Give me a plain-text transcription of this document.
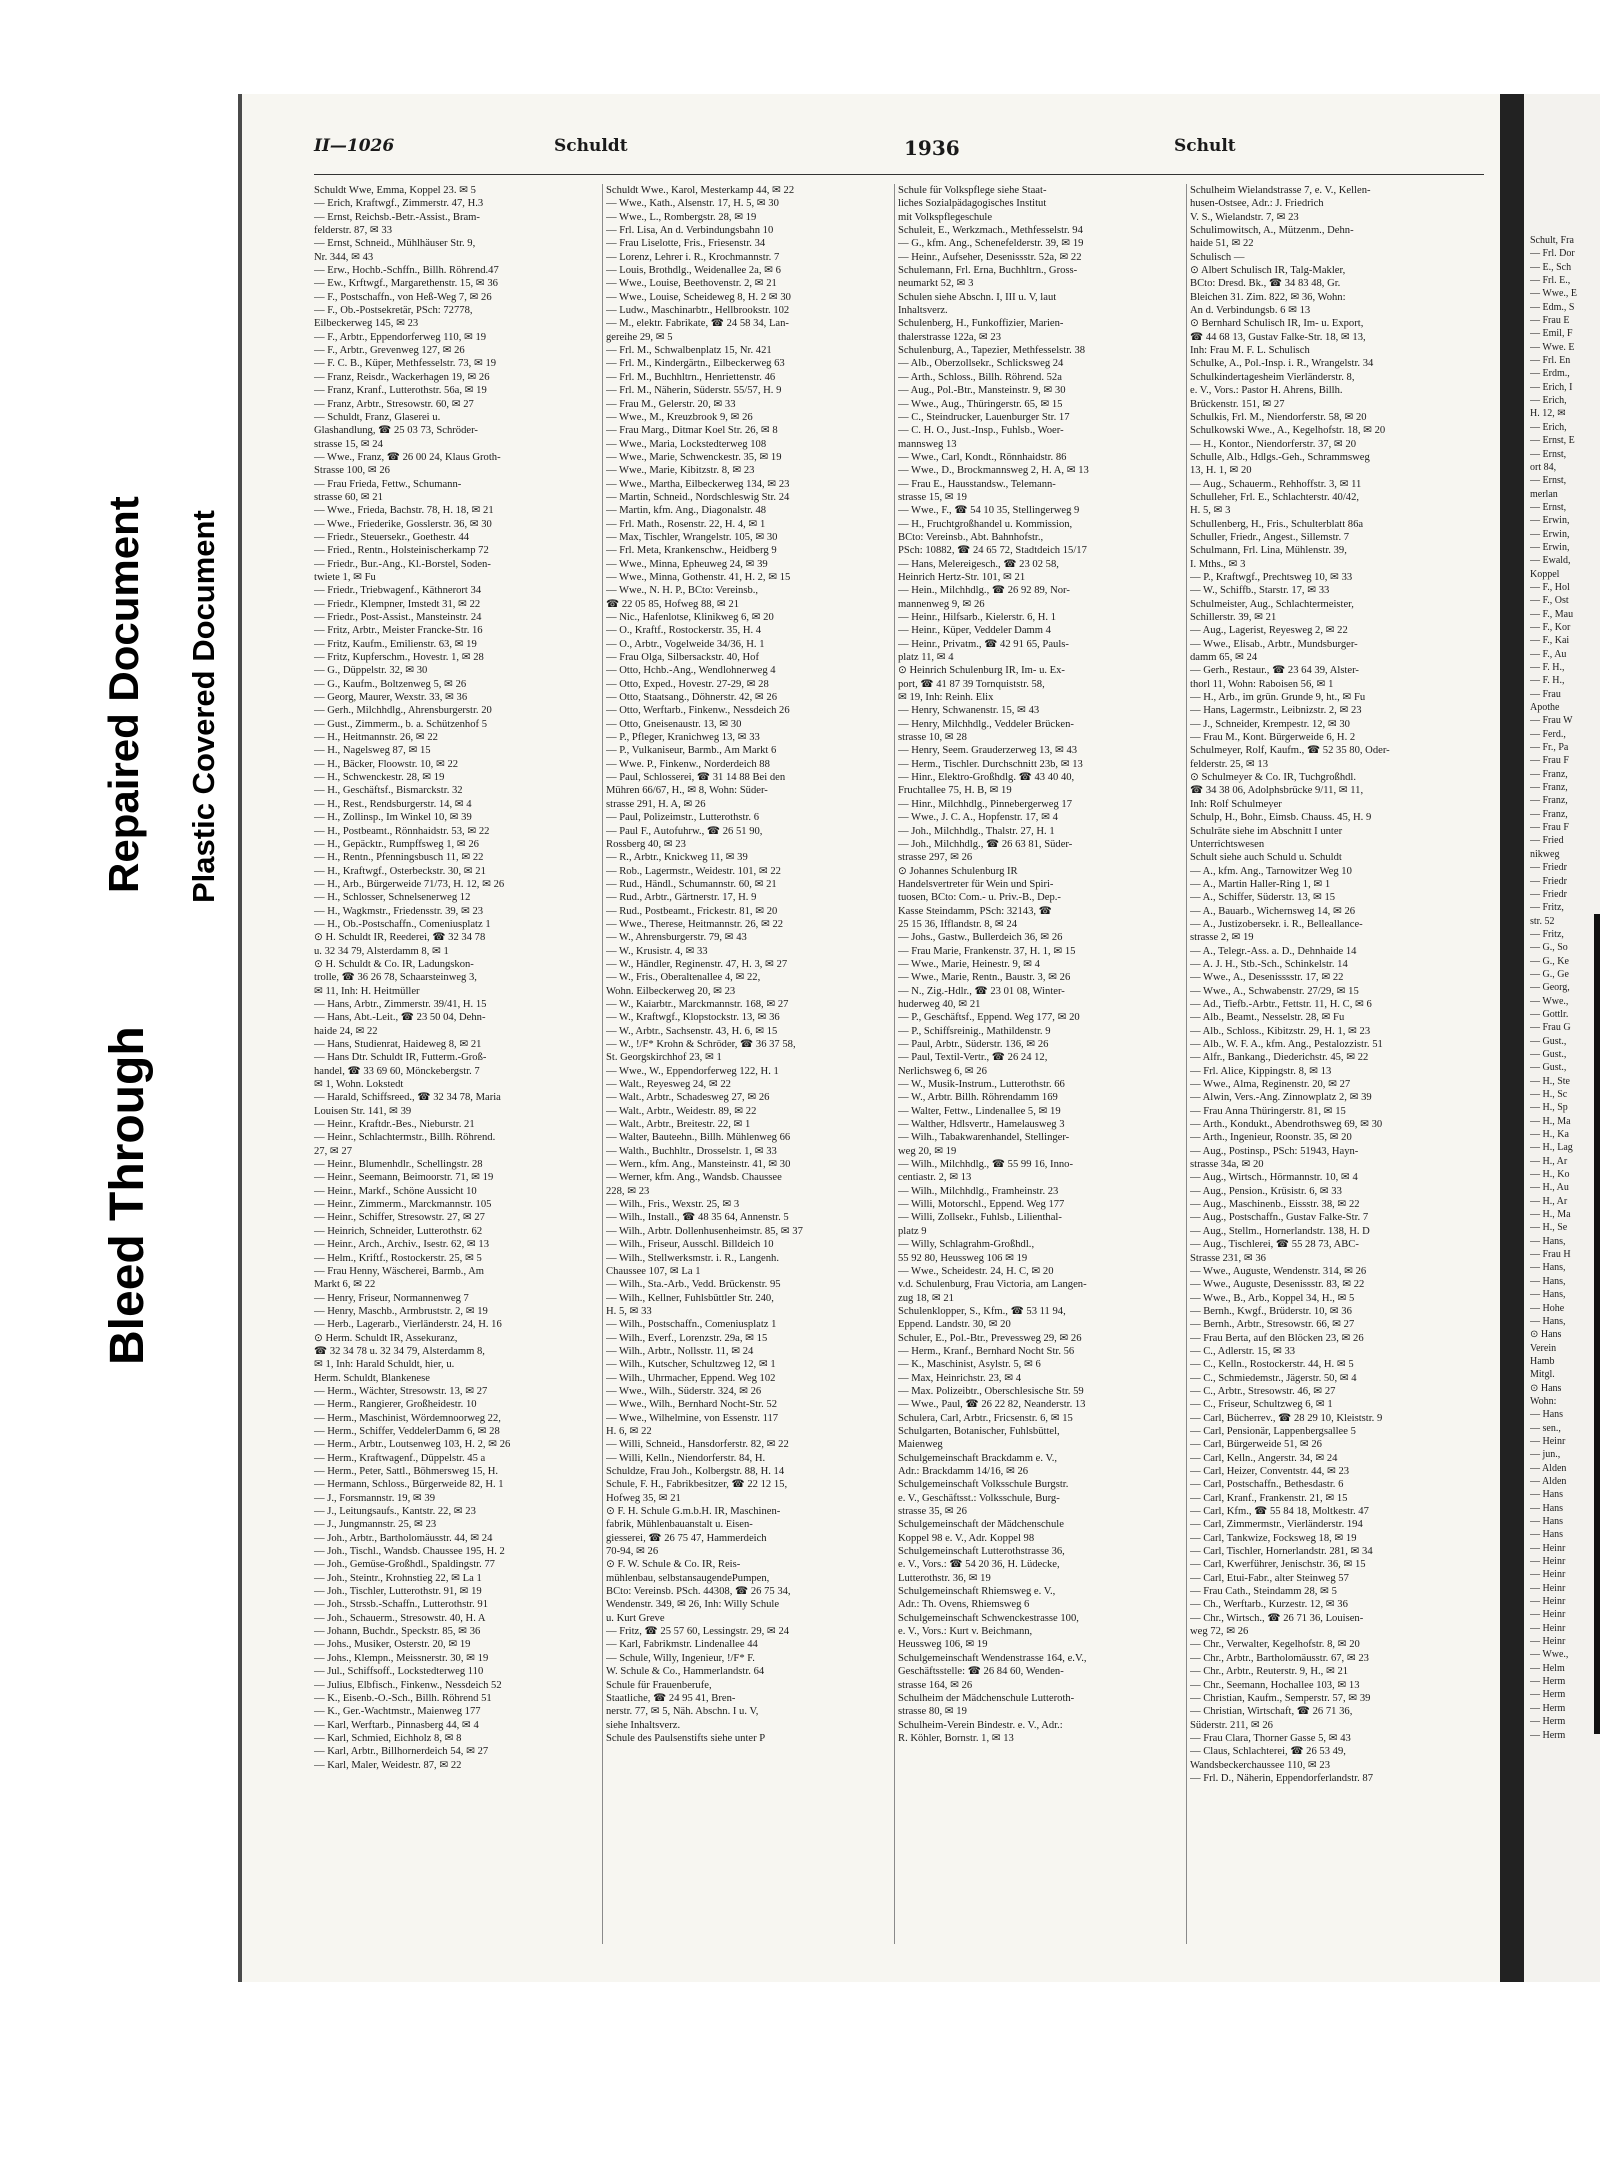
Bleed Through
Repaired Document Plastic Covered Document
II—1026	Schuldt	1936	Schult
Schuldt Wwe, Emma, Koppel 23. ✉ 5
— Erich, Kraftwgf., Zimmerstr. 47, H.3
— Ernst, Reichsb.-Betr.-Assist., Bram-
felderstr. 87, ✉ 33
— Ernst, Schneid., Mühlhäuser Str. 9,
Nr. 344, ✉ 43
— Erw., Hochb.-Schffn., Billh. Röhrend.47
— Ew., Krftwgf., Margarethenstr. 15, ✉ 36
— F., Postschaffn., von Heß-Weg 7, ✉ 26
— F., Ob.-Postsekretär, PSch: 72778,
Eilbeckerweg 145, ✉ 23
— F., Arbtr., Eppendorferweg 110, ✉ 19
— F., Arbtr., Grevenweg 127, ✉ 26
— F. C. B., Küper, Methfesselstr. 73, ✉ 19
— Franz, Reisdr., Wackerhagen 19, ✉ 26
— Franz, Kranf., Lutterothstr. 56a, ✉ 19
— Franz, Arbtr., Stresowstr. 60, ✉ 27
— Schuldt, Franz, Glaserei u.
Glashandlung, ☎ 25 03 73, Schröder-
strasse 15, ✉ 24
— Wwe., Franz, ☎ 26 00 24, Klaus Groth-
Strasse 100, ✉ 26
— Frau Frieda, Fettw., Schumann-
strasse 60, ✉ 21
— Wwe., Frieda, Bachstr. 78, H. 18, ✉ 21
— Wwe., Friederike, Gosslerstr. 36, ✉ 30
— Friedr., Steuersekr., Goethestr. 44
— Fried., Rentn., Holsteinischerkamp 72
— Friedr., Bur.-Ang., Kl.-Borstel, Soden-
twiete 1, ✉ Fu
— Friedr., Triebwagenf., Käthnerort 34
— Friedr., Klempner, Imstedt 31, ✉ 22
— Friedr., Post-Assist., Mansteinstr. 24
— Fritz, Arbtr., Meister Francke-Str. 16
— Fritz, Kaufm., Emilienstr. 63, ✉ 19
— Fritz, Kupferschm., Hovestr. 1, ✉ 28
— G., Düppelstr. 32, ✉ 30
— G., Kaufm., Boltzenweg 5, ✉ 26
— Georg, Maurer, Wexstr. 33, ✉ 36
— Gerh., Milchhdlg., Ahrensburgerstr. 20
— Gust., Zimmerm., b. a. Schützenhof 5
— H., Heitmannstr. 26, ✉ 22
— H., Nagelsweg 87, ✉ 15
— H., Bäcker, Floowstr. 10, ✉ 22
— H., Schwenckestr. 28, ✉ 19
— H., Geschäftsf., Bismarckstr. 32
— H., Rest., Rendsburgerstr. 14, ✉ 4
— H., Zollinsp., Im Winkel 10, ✉ 39
— H., Postbeamt., Rönnhaidstr. 53, ✉ 22
— H., Gepäcktr., Rumpffsweg 1, ✉ 26
— H., Rentn., Pfenningsbusch 11, ✉ 22
— H., Kraftwgf., Osterbeckstr. 30, ✉ 21
— H., Arb., Bürgerweide 71/73, H. 12, ✉ 26
— H., Schlosser, Schnelsenerweg 12
— H., Wagkmstr., Friedensstr. 39, ✉ 23
— H., Ob.-Postschaffn., Comeniusplatz 1
⊙ H. Schuldt IR, Reederei, ☎ 32 34 78
u. 32 34 79, Alsterdamm 8, ✉ 1
⊙ H. Schuldt & Co. IR, Ladungskon-
trolle, ☎ 36 26 78, Schaarsteinweg 3,
✉ 11, Inh: H. Heitmüller
— Hans, Arbtr., Zimmerstr. 39/41, H. 15
— Hans, Abt.-Leit., ☎ 23 50 04, Dehn-
haide 24, ✉ 22
— Hans, Studienrat, Haideweg 8, ✉ 21
— Hans Dtr. Schuldt IR, Futterm.-Groß-
handel, ☎ 33 69 60, Mönckebergstr. 7
✉ 1, Wohn. Lokstedt
— Harald, Schiffsreed., ☎ 32 34 78, Maria
Louisen Str. 141, ✉ 39
— Heinr., Kraftdr.-Bes., Nieburstr. 21
— Heinr., Schlachtermstr., Billh. Röhrend.
27, ✉ 27
— Heinr., Blumenhdlr., Schellingstr. 28
— Heinr., Seemann, Beimoorstr. 71, ✉ 19
— Heinr., Markf., Schöne Aussicht 10
— Heinr., Zimmerm., Marckmannstr. 105
— Heinr., Schiffer, Stresowstr. 27, ✉ 27
— Heinrich, Schneider, Lutterothstr. 62
— Heinr., Arch., Archiv., Isestr. 62, ✉ 13
— Helm., Kriftf., Rostockerstr. 25, ✉ 5
— Frau Henny, Wäscherei, Barmb., Am
Markt 6, ✉ 22
— Henry, Friseur, Normannenweg 7
— Henry, Maschb., Armbruststr. 2, ✉ 19
— Herb., Lagerarb., Vierländerstr. 24, H. 16
⊙ Herm. Schuldt IR, Assekuranz,
☎ 32 34 78 u. 32 34 79, Alsterdamm 8,
✉ 1, Inh: Harald Schuldt, hier, u.
Herm. Schuldt, Blankenese
— Herm., Wächter, Stresowstr. 13, ✉ 27
— Herm., Rangierer, Großheidestr. 10
— Herm., Maschinist, Wördemnoorweg 22,
— Herm., Schiffer, VeddelerDamm 6, ✉ 28
— Herm., Arbtr., Loutsenweg 103, H. 2, ✉ 26
— Herm., Kraftwagenf., Düppelstr. 45 a
— Herm., Peter, Sattl., Böhmersweg 15, H.
— Hermann, Schloss., Bürgerweide 82, H. 1
— J., Forsmannstr. 19, ✉ 39
— J., Leitungsaufs., Kantstr. 22, ✉ 23
— J., Jungmannstr. 25, ✉ 23
— Joh., Arbtr., Bartholomäusstr. 44, ✉ 24
— Joh., Tischl., Wandsb. Chaussee 195, H. 2
— Joh., Gemüse-Großhdl., Spaldingstr. 77
— Joh., Steintr., Krohnstieg 22, ✉ La 1
— Joh., Tischler, Lutterothstr. 91, ✉ 19
— Joh., Strssb.-Schaffn., Lutterothstr. 91
— Joh., Schauerm., Stresowstr. 40, H. A
— Johann, Buchdr., Speckstr. 85, ✉ 36
— Johs., Musiker, Osterstr. 20, ✉ 19
— Johs., Klempn., Meissnerstr. 30, ✉ 19
— Jul., Schiffsoff., Lockstedterweg 110
— Julius, Elbfisch., Finkenw., Nessdeich 52
— K., Eisenb.-O.-Sch., Billh. Röhrend 51
— K., Ger.-Wachtmstr., Maienweg 177
— Karl, Werftarb., Pinnasberg 44, ✉ 4
— Karl, Schmied, Eichholz 8, ✉ 8
— Karl, Arbtr., Billhornerdeich 54, ✉ 27
— Karl, Maler, Weidestr. 87, ✉ 22
Schuldt Wwe., Karol, Mesterkamp 44, ✉ 22
— Wwe., Kath., Alsenstr. 17, H. 5, ✉ 30
— Wwe., L., Rombergstr. 28, ✉ 19
— Frl. Lisa, An d. Verbindungsbahn 10
— Frau Liselotte, Fris., Friesenstr. 34
— Lorenz, Lehrer i. R., Krochmannstr. 7
— Louis, Brothdlg., Weidenallee 2a, ✉ 6
— Wwe., Louise, Beethovenstr. 2, ✉ 21
— Wwe., Louise, Scheideweg 8, H. 2 ✉ 30
— Ludw., Maschinarbtr., Hellbrookstr. 102
— M., elektr. Fabrikate, ☎ 24 58 34, Lan-
gereihe 29, ✉ 5
— Frl. M., Schwalbenplatz 15, Nr. 421
— Frl. M., Kindergärtn., Eilbeckerweg 63
— Frl. M., Buchhltrn., Henriettenstr. 46
— Frl. M., Näherin, Süderstr. 55/57, H. 9
— Frau M., Gelerstr. 20, ✉ 33
— Wwe., M., Kreuzbrook 9, ✉ 26
— Frau Marg., Ditmar Koel Str. 26, ✉ 8
— Wwe., Maria, Lockstedterweg 108
— Wwe., Marie, Schwenckestr. 35, ✉ 19
— Wwe., Marie, Kibitzstr. 8, ✉ 23
— Wwe., Martha, Eilbeckerweg 134, ✉ 23
— Martin, Schneid., Nordschleswig Str. 24
— Martin, kfm. Ang., Diagonalstr. 48
— Frl. Math., Rosenstr. 22, H. 4, ✉ 1
— Max, Tischler, Wrangelstr. 105, ✉ 30
— Frl. Meta, Krankenschw., Heidberg 9
— Wwe., Minna, Epheuweg 24, ✉ 39
— Wwe., Minna, Gothenstr. 41, H. 2, ✉ 15
— Wwe., N. H. P., BCto: Vereinsb.,
☎ 22 05 85, Hofweg 88, ✉ 21
— Nic., Hafenlotse, Klinikweg 6, ✉ 20
— O., Kraftf., Rostockerstr. 35, H. 4
— O., Arbtr., Vogelweide 34/36, H. 1
— Frau Olga, Silbersackstr. 40, Hof
— Otto, Hchb.-Ang., Wendlohnerweg 4
— Otto, Exped., Hovestr. 27-29, ✉ 28
— Otto, Staatsang., Döhnerstr. 42, ✉ 26
— Otto, Werftarb., Finkenw., Nessdeich 26
— Otto, Gneisenaustr. 13, ✉ 30
— P., Pfleger, Kranichweg 13, ✉ 33
— P., Vulkaniseur, Barmb., Am Markt 6
— Wwe. P., Finkenw., Norderdeich 88
— Paul, Schlosserei, ☎ 31 14 88 Bei den
Mühren 66/67, H., ✉ 8, Wohn: Süder-
strasse 291, H. A, ✉ 26
— Paul, Polizeimstr., Lutterothstr. 6
— Paul F., Autofuhrw., ☎ 26 51 90,
Rossberg 40, ✉ 23
— R., Arbtr., Knickweg 11, ✉ 39
— Rob., Lagermstr., Weidestr. 101, ✉ 22
— Rud., Händl., Schumannstr. 60, ✉ 21
— Rud., Arbtr., Gärtnerstr. 17, H. 9
— Rud., Postbeamt., Frickestr. 81, ✉ 20
— Wwe., Therese, Heitmannstr. 26, ✉ 22
— W., Ahrensburgerstr. 79, ✉ 43
— W., Krusistr. 4, ✉ 33
— W., Händler, Reginenstr. 47, H. 3, ✉ 27
— W., Fris., Oberaltenallee 4, ✉ 22,
Wohn. Eilbeckerweg 20, ✉ 23
— W., Kaiarbtr., Marckmannstr. 168, ✉ 27
— W., Kraftwgf., Klopstockstr. 13, ✉ 36
— W., Arbtr., Sachsenstr. 43, H. 6, ✉ 15
— W., !/F* Krohn & Schröder, ☎ 36 37 58,
St. Georgskirchhof 23, ✉ 1
— Wwe., W., Eppendorferweg 122, H. 1
— Walt., Reyesweg 24, ✉ 22
— Walt., Arbtr., Schadesweg 27, ✉ 26
— Walt., Arbtr., Weidestr. 89, ✉ 22
— Walt., Arbtr., Breitestr. 22, ✉ 1
— Walter, Bauteehn., Billh. Mühlenweg 66
— Walth., Buchhltr., Drosselstr. 1, ✉ 33
— Wern., kfm. Ang., Mansteinstr. 41, ✉ 30
— Werner, kfm. Ang., Wandsb. Chaussee
228, ✉ 23
— Wilh., Fris., Wexstr. 25, ✉ 3
— Wilh., Install., ☎ 48 35 64, Annenstr. 5
— Wilh., Arbtr. Dollenhusenheimstr. 85, ✉ 37
— Wilh., Friseur, Ausschl. Billdeich 10
— Wilh., Stellwerksmstr. i. R., Langenh.
Chaussee 107, ✉ La 1
— Wilh., Sta.-Arb., Vedd. Brückenstr. 95
— Wilh., Kellner, Fuhlsbüttler Str. 240,
H. 5, ✉ 33
— Wilh., Postschaffn., Comeniusplatz 1
— Wilh., Everf., Lorenzstr. 29a, ✉ 15
— Wilh., Arbtr., Nollsstr. 11, ✉ 24
— Wilh., Kutscher, Schultzweg 12, ✉ 1
— Wilh., Uhrmacher, Eppend. Weg 102
— Wwe., Wilh., Süderstr. 324, ✉ 26
— Wwe., Wilh., Bernhard Nocht-Str. 52
— Wwe., Wilhelmine, von Essenstr. 117
H. 6, ✉ 22
— Willi, Schneid., Hansdorferstr. 82, ✉ 22
— Willi, Kelln., Niendorferstr. 84, H.
Schuldze, Frau Joh., Kolbergstr. 88, H. 14
Schule, F. H., Fabrikbesitzer, ☎ 22 12 15,
Hofweg 35, ✉ 21
⊙ F. H. Schule G.m.b.H. IR, Maschinen-
fabrik, Mühlenbauanstalt u. Eisen-
giesserei, ☎ 26 75 47, Hammerdeich
70-94, ✉ 26
⊙ F. W. Schule & Co. IR, Reis-
mühlenbau, selbstansaugendePumpen,
BCto: Vereinsb. PSch. 44308, ☎ 26 75 34,
Wendenstr. 349, ✉ 26, Inh: Willy Schule
u. Kurt Greve
— Fritz, ☎ 25 57 60, Lessingstr. 29, ✉ 24
— Karl, Fabrikmstr. Lindenallee 44
— Schule, Willy, Ingenieur, !/F* F.
W. Schule & Co., Hammerlandstr. 64
Schule für Frauenberufe,
Staatliche, ☎ 24 95 41, Bren-
nerstr. 77, ✉ 5, Näh. Abschn. I u. V,
siehe Inhaltsverz.
Schule des Paulsenstifts siehe unter P
Schule für Volkspflege siehe Staat-
liches Sozialpädagogisches Institut
mit Volkspflegeschule
Schuleit, E., Werkzmach., Methfesselstr. 94
— G., kfm. Ang., Schenefelderstr. 39, ✉ 19
— Heinr., Aufseher, Desenissstr. 52a, ✉ 22
Schulemann, Frl. Erna, Buchhltrn., Gross-
neumarkt 52, ✉ 3
Schulen siehe Abschn. I, III u. V, laut
Inhaltsverz.
Schulenberg, H., Funkoffizier, Marien-
thalerstrasse 122a, ✉ 23
Schulenburg, A., Tapezier, Methfesselstr. 38
— Alb., Oberzollsekr., Schlicksweg 24
— Arth., Schloss., Billh. Röhrend. 52a
— Aug., Pol.-Btr., Mansteinstr. 9, ✉ 30
— Wwe., Aug., Thüringerstr. 65, ✉ 15
— C., Steindrucker, Lauenburger Str. 17
— C. H. O., Just.-Insp., Fuhlsb., Woer-
mannsweg 13
— Wwe., Carl, Kondt., Rönnhaidstr. 86
— Wwe., D., Brockmannsweg 2, H. A, ✉ 13
— Frau E., Hausstandsw., Telemann-
strasse 15, ✉ 19
— Wwe., F., ☎ 54 10 35, Stellingerweg 9
— H., Fruchtgroßhandel u. Kommission,
BCto: Vereinsb., Abt. Bahnhofstr.,
PSch: 10882, ☎ 24 65 72, Stadtdeich 15/17
— Hans, Melereigesch., ☎ 23 02 58,
Heinrich Hertz-Str. 101, ✉ 21
— Hein., Milchhdlg., ☎ 26 92 89, Nor-
mannenweg 9, ✉ 26
— Heinr., Hilfsarb., Kielerstr. 6, H. 1
— Heinr., Küper, Veddeler Damm 4
— Heinr., Privatm., ☎ 42 91 65, Pauls-
platz 11, ✉ 4
⊙ Heinrich Schulenburg IR, Im- u. Ex-
port, ☎ 41 87 39 Tornquiststr. 58,
✉ 19, Inh: Reinh. Elix
— Henry, Schwanenstr. 15, ✉ 43
— Henry, Milchhdlg., Veddeler Brücken-
strasse 10, ✉ 28
— Henry, Seem. Grauderzerweg 13, ✉ 43
— Herm., Tischler. Durchschnitt 23b, ✉ 13
— Hinr., Elektro-Großhdlg. ☎ 43 40 40,
Fruchtallee 75, H. B, ✉ 19
— Hinr., Milchhdlg., Pinnebergerweg 17
— Wwe., J. C. A., Hopfenstr. 17, ✉ 4
— Joh., Milchhdlg., Thalstr. 27, H. 1
— Joh., Milchhdlg., ☎ 26 63 81, Süder-
strasse 297, ✉ 26
⊙ Johannes Schulenburg IR
Handelsvertreter für Wein und Spiri-
tuosen, BCto: Com.- u. Priv.-B., Dep.-
Kasse Steindamm, PSch: 32143, ☎
25 15 36, Ifflandstr. 8, ✉ 24
— Johs., Gastw., Bullerdeich 36, ✉ 26
— Frau Marie, Frankenstr. 37, H. 1, ✉ 15
— Wwe., Marie, Heinestr. 9, ✉ 4
— Wwe., Marie, Rentn., Baustr. 3, ✉ 26
— N., Zig.-Hdlr., ☎ 23 01 08, Winter-
huderweg 40, ✉ 21
— P., Geschäftsf., Eppend. Weg 177, ✉ 20
— P., Schiffsreinig., Mathildenstr. 9
— Paul, Arbtr., Süderstr. 136, ✉ 26
— Paul, Textil-Vertr., ☎ 26 24 12,
Nerlichsweg 6, ✉ 26
— W., Musik-Instrum., Lutterothstr. 66
— W., Arbtr. Billh. Röhrendamm 169
— Walter, Fettw., Lindenallee 5, ✉ 19
— Walther, Hdlsvertr., Hamelausweg 3
— Wilh., Tabakwarenhandel, Stellinger-
weg 20, ✉ 19
— Wilh., Milchhdlg., ☎ 55 99 16, Inno-
centiastr. 2, ✉ 13
— Wilh., Milchhdlg., Framheinstr. 23
— Willi, Motorschl., Eppend. Weg 177
— Willi, Zollsekr., Fuhlsb., Lilienthal-
platz 9
— Willy, Schlagrahm-Großhdl.,
55 92 80, Heussweg 106 ✉ 19
— Wwe., Scheidestr. 24, H. C, ✉ 20
v.d. Schulenburg, Frau Victoria, am Langen-
zug 18, ✉ 21
Schulenklopper, S., Kfm., ☎ 53 11 94,
Eppend. Landstr. 30, ✉ 20
Schuler, E., Pol.-Btr., Prevessweg 29, ✉ 26
— Herm., Kranf., Bernhard Nocht Str. 56
— K., Maschinist, Asylstr. 5, ✉ 6
— Max, Heinrichstr. 23, ✉ 4
— Max. Polizeibtr., Oberschlesische Str. 59
— Wwe., Paul, ☎ 26 22 82, Neanderstr. 13
Schulera, Carl, Arbtr., Fricsenstr. 6, ✉ 15
Schulgarten, Botanischer, Fuhlsbüttel,
Maienweg
Schulgemeinschaft Brackdamm e. V.,
Adr.: Brackdamm 14/16, ✉ 26
Schulgemeinschaft Volksschule Burgstr.
e. V., Geschäftsst.: Volksschule, Burg-
strasse 35, ✉ 26
Schulgemeinschaft der Mädchenschule
Koppel 98 e. V., Adr. Koppel 98
Schulgemeinschaft Lutterothstrasse 36,
e. V., Vors.: ☎ 54 20 36, H. Lüdecke,
Lutterothstr. 36, ✉ 19
Schulgemeinschaft Rhiemsweg e. V.,
Adr.: Th. Ovens, Rhiemsweg 6
Schulgemeinschaft Schwenckestrasse 100,
e. V., Vors.: Kurt v. Beichmann,
Heussweg 106, ✉ 19
Schulgemeinschaft Wendenstrasse 164, e.V.,
Geschäftsstelle: ☎ 26 84 60, Wenden-
strasse 164, ✉ 26
Schulheim der Mädchenschule Lutteroth-
strasse 80, ✉ 19
Schulheim-Verein Bindestr. e. V., Adr.:
R. Köhler, Bornstr. 1, ✉ 13
Schulheim Wielandstrasse 7, e. V., Kellen-
husen-Ostsee, Adr.: J. Friedrich
V. S., Wielandstr. 7, ✉ 23
Schulimowitsch, A., Mützenm., Dehn-
haide 51, ✉ 22
Schulisch —
⊙ Albert Schulisch IR, Talg-Makler,
BCto: Dresd. Bk., ☎ 34 83 48, Gr.
Bleichen 31. Zim. 822, ✉ 36, Wohn:
An d. Verbindungsb. 6 ✉ 13
⊙ Bernhard Schulisch IR, Im- u. Export,
☎ 44 68 13, Gustav Falke-Str. 18, ✉ 13,
Inh: Frau M. F. L. Schulisch
Schulke, A., Pol.-Insp. i. R., Wrangelstr. 34
Schulkindertagesheim Vierländerstr. 8,
e. V., Vors.: Pastor H. Ahrens, Billh.
Brückenstr. 151, ✉ 27
Schulkis, Frl. M., Niendorferstr. 58, ✉ 20
Schulkowski Wwe., A., Kegelhofstr. 18, ✉ 20
— H., Kontor., Niendorferstr. 37, ✉ 20
Schulle, Alb., Hdlgs.-Geh., Schrammsweg
13, H. 1, ✉ 20
— Aug., Schauerm., Rehhoffstr. 3, ✉ 11
Schulleher, Frl. E., Schlachterstr. 40/42,
H. 5, ✉ 3
Schullenberg, H., Fris., Schulterblatt 86a
Schuller, Friedr., Angest., Sillemstr. 7
Schulmann, Frl. Lina, Mühlenstr. 39,
I. Mths., ✉ 3
— P., Kraftwgf., Prechtsweg 10, ✉ 33
— W., Schiffb., Starstr. 17, ✉ 33
Schulmeister, Aug., Schlachtermeister,
Schillerstr. 39, ✉ 21
— Aug., Lagerist, Reyesweg 2, ✉ 22
— Wwe., Elisab., Arbtr., Mundsburger-
damm 65, ✉ 24
— Gerh., Restaur., ☎ 23 64 39, Alster-
thorl 11, Wohn: Raboisen 56, ✉ 1
— H., Arb., im grün. Grunde 9, ht., ✉ Fu
— Hans, Lagermstr., Leibnizstr. 2, ✉ 23
— J., Schneider, Krempestr. 12, ✉ 30
— Frau M., Kont. Bürgerweide 6, H. 2
Schulmeyer, Rolf, Kaufm., ☎ 52 35 80, Oder-
felderstr. 25, ✉ 13
⊙ Schulmeyer & Co. IR, Tuchgroßhdl.
☎ 34 38 06, Adolphsbrücke 9/11, ✉ 11,
Inh: Rolf Schulmeyer
Schulp, H., Bohr., Eimsb. Chauss. 45, H. 9
Schulräte siehe im Abschnitt I unter
Unterrichtswesen
Schult siehe auch Schuld u. Schuldt
— A., kfm. Ang., Tarnowitzer Weg 10
— A., Martin Haller-Ring 1, ✉ 1
— A., Schiffer, Süderstr. 13, ✉ 15
— A., Bauarb., Wichernsweg 14, ✉ 26
— A., Justizobersekr. i. R., Belleallance-
strasse 2, ✉ 19
— A., Telegr.-Ass. a. D., Dehnhaide 14
— A. J. H., Stb.-Sch., Schinkelstr. 14
— Wwe., A., Desenisssstr. 17, ✉ 22
— Wwe., A., Schwabenstr. 27/29, ✉ 15
— Ad., Tiefb.-Arbtr., Fettstr. 11, H. C, ✉ 6
— Alb., Beamt., Nesselstr. 28, ✉ Fu
— Alb., Schloss., Kibitzstr. 29, H. 1, ✉ 23
— Alb., W. F. A., kfm. Ang., Pestalozzistr. 51
— Alfr., Bankang., Diederichstr. 45, ✉ 22
— Frl. Alice, Kippingstr. 8, ✉ 13
— Wwe., Alma, Reginenstr. 20, ✉ 27
— Alwin, Vers.-Ang. Zinnowplatz 2, ✉ 39
— Frau Anna Thüringerstr. 81, ✉ 15
— Arth., Kondukt., Abendrothsweg 69, ✉ 30
— Arth., Ingenieur, Roonstr. 35, ✉ 20
— Aug., Postinsp., PSch: 51943, Hayn-
strasse 34a, ✉ 20
— Aug., Wirtsch., Hörmannstr. 10, ✉ 4
— Aug., Pension., Krüsistr. 6, ✉ 33
— Aug., Maschinenb., Eissstr. 38, ✉ 22
— Aug., Postschaffn., Gustav Falke-Str. 7
— Aug., Stellm., Hornerlandstr. 138, H. D
— Aug., Tischlerei, ☎ 55 28 73, ABC-
Strasse 231, ✉ 36
— Wwe., Auguste, Wendenstr. 314, ✉ 26
— Wwe., Auguste, Desenissstr. 83, ✉ 22
— Wwe., B., Arb., Koppel 34, H., ✉ 5
— Bernh., Kwgf., Brüderstr. 10, ✉ 36
— Bernh., Arbtr., Stresowstr. 66, ✉ 27
— Frau Berta, auf den Blöcken 23, ✉ 26
— C., Adlerstr. 15, ✉ 33
— C., Kelln., Rostockerstr. 44, H. ✉ 5
— C., Schmiedemstr., Jägerstr. 50, ✉ 4
— C., Arbtr., Stresowstr. 46, ✉ 27
— C., Friseur, Schultzweg 6, ✉ 1
— Carl, Bücherrev., ☎ 28 29 10, Kleiststr. 9
— Carl, Pensionär, Lappenbergsallee 5
— Carl, Bürgerweide 51, ✉ 26
— Carl, Kelln., Angerstr. 34, ✉ 24
— Carl, Heizer, Conventstr. 44, ✉ 23
— Carl, Postschaffn., Bethesdastr. 6
— Carl, Kranf., Frankenstr. 21, ✉ 15
— Carl, Kfm., ☎ 55 84 18, Moltkestr. 47
— Carl, Zimmermstr., Vierländerstr. 194
— Carl, Tankwize, Focksweg 18, ✉ 19
— Carl, Tischler, Hornerlandstr. 281, ✉ 34
— Carl, Kwerführer, Jenischstr. 36, ✉ 15
— Carl, Etui-Fabr., alter Steinweg 57
— Frau Cath., Steindamm 28, ✉ 5
— Ch., Werftarb., Kurzestr. 12, ✉ 36
— Chr., Wirtsch., ☎ 26 71 36, Louisen-
weg 72, ✉ 26
— Chr., Verwalter, Kegelhofstr. 8, ✉ 20
— Chr., Arbtr., Bartholomäusstr. 67, ✉ 23
— Chr., Arbtr., Reuterstr. 9, H., ✉ 21
— Chr., Seemann, Hochallee 103, ✉ 13
— Christian, Kaufm., Semperstr. 57, ✉ 39
— Christian, Wirtschaft, ☎ 26 71 36,
Süderstr. 211, ✉ 26
— Frau Clara, Thorner Gasse 5, ✉ 43
— Claus, Schlachterei, ☎ 26 53 49,
Wandsbeckerchaussee 110, ✉ 23
— Frl. D., Näherin, Eppendorferlandstr. 87
Schult, Fra
— Frl. Dor
— E., Sch
— Frl. E.,
— Wwe., E
— Edm., S
— Frau E
— Emil, F
— Wwe. E
— Frl. En
— Erdm.,
— Erich, I
— Erich,
H. 12, ✉
— Erich,
— Ernst, E
— Ernst,
ort 84,
— Ernst,
merlan
— Ernst,
— Erwin,
— Erwin,
— Erwin,
— Ewald,
Koppel
— F., Hol
— F., Ost
— F., Mau
— F., Kor
— F., Kai
— F., Au
— F. H.,
— F. H.,
— Frau
Apothe
— Frau W
— Ferd.,
— Fr., Pa
— Frau F
— Franz,
— Franz,
— Franz,
— Franz,
— Frau F
— Fried
nikweg
— Friedr
— Friedr
— Friedr
— Fritz,
str. 52
— Fritz,
— G., So
— G., Ke
— G., Ge
— Georg,
— Wwe.,
— Gottlr.
— Frau G
— Gust.,
— Gust.,
— Gust.,
— H., Ste
— H., Sc
— H., Sp
— H., Ma
— H., Ka
— H., Lag
— H., Ar
— H., Ko
— H., Au
— H., Ar
— H., Ma
— H., Se
— Hans,
— Frau H
— Hans,
— Hans,
— Hans,
— Hohe
— Hans,
⊙ Hans
Verein
Hamb
Mitgl.
⊙ Hans
Wohn:
— Hans
— sen.,
— Heinr
— jun.,
— Alden
— Alden
— Hans
— Hans
— Hans
— Hans
— Heinr
— Heinr
— Heinr
— Heinr
— Heinr
— Heinr
— Heinr
— Heinr
— Wwe.,
— Helm
— Herm
— Herm
— Herm
— Herm
— Herm
